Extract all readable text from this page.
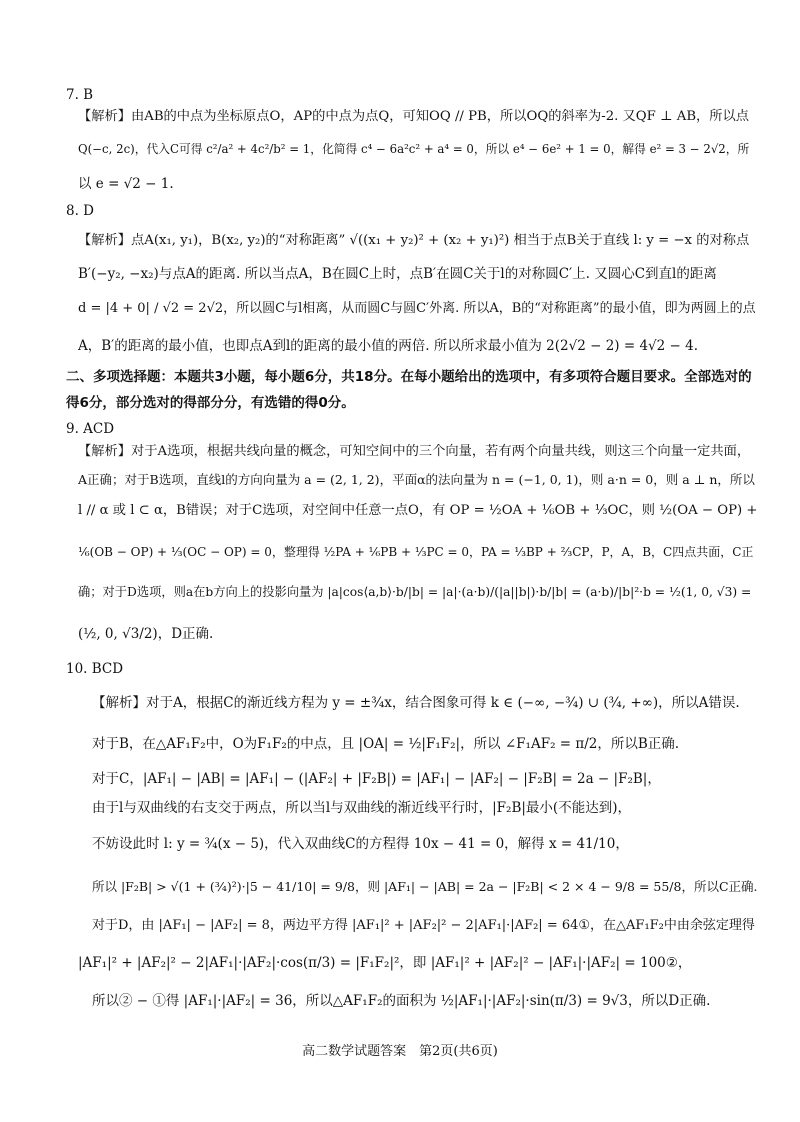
7. B
【解析】由AB的中点为坐标原点O，AP的中点为点Q，可知OQ // PB，所以OQ的斜率为-2. 又QF ⊥ AB，所以点
Q(−c, 2c)，代入C可得 c²/a² + 4c²/b² = 1，化简得 c⁴ − 6a²c² + a⁴ = 0，所以 e⁴ − 6e² + 1 = 0，解得 e² = 3 − 2√2，所
以 e = √2 − 1.
8. D
【解析】点A(x₁, y₁)，B(x₂, y₂)的“对称距离” √((x₁ + y₂)² + (x₂ + y₁)²) 相当于点B关于直线 l: y = −x 的对称点
B′(−y₂, −x₂)与点A的距离. 所以当点A，B在圆C上时，点B′在圆C关于l的对称圆C′上. 又圆心C到直l的距离
d = |4 + 0| / √2 = 2√2，所以圆C与l相离，从而圆C与圆C′外离. 所以A，B的“对称距离”的最小值，即为两圆上的点
A，B′的距离的最小值，也即点A到l的距离的最小值的两倍. 所以所求最小值为 2(2√2 − 2) = 4√2 − 4.
二、多项选择题：本题共3小题，每小题6分，共18分。在每小题给出的选项中，有多项符合题目要求。全部选对的
得6分，部分选对的得部分分，有选错的得0分。
9. ACD
【解析】对于A选项，根据共线向量的概念，可知空间中的三个向量，若有两个向量共线，则这三个向量一定共面，
A正确；对于B选项，直线l的方向向量为 a = (2, 1, 2)，平面α的法向量为 n = (−1, 0, 1)，则 a·n = 0，则 a ⊥ n，所以
l // α 或 l ⊂ α，B错误；对于C选项，对空间中任意一点O，有 OP = ½OA + ⅙OB + ⅓OC，则 ½(OA − OP) +
⅙(OB − OP) + ⅓(OC − OP) = 0，整理得 ½PA + ⅙PB + ⅓PC = 0，PA = ⅓BP + ⅔CP，P，A，B，C四点共面，C正
确；对于D选项，则a在b方向上的投影向量为 |a|cos⟨a,b⟩·b/|b| = |a|·(a·b)/(|a||b|)·b/|b| = (a·b)/|b|²·b = ½(1, 0, √3) =
(½, 0, √3/2)，D正确.
10. BCD
【解析】对于A，根据C的渐近线方程为 y = ±¾x，结合图象可得 k ∈ (−∞, −¾) ∪ (¾, +∞)，所以A错误.
对于B，在△AF₁F₂中，O为F₁F₂的中点，且 |OA| = ½|F₁F₂|，所以 ∠F₁AF₂ = π/2，所以B正确.
对于C，|AF₁| − |AB| = |AF₁| − (|AF₂| + |F₂B|) = |AF₁| − |AF₂| − |F₂B| = 2a − |F₂B|，
由于l与双曲线的右支交于两点，所以当l与双曲线的渐近线平行时，|F₂B|最小(不能达到)，
不妨设此时 l: y = ¾(x − 5)，代入双曲线C的方程得 10x − 41 = 0，解得 x = 41/10，
所以 |F₂B| > √(1 + (¾)²)·|5 − 41/10| = 9/8，则 |AF₁| − |AB| = 2a − |F₂B| < 2 × 4 − 9/8 = 55/8，所以C正确.
对于D，由 |AF₁| − |AF₂| = 8，两边平方得 |AF₁|² + |AF₂|² − 2|AF₁|·|AF₂| = 64①，在△AF₁F₂中由余弦定理得
|AF₁|² + |AF₂|² − 2|AF₁|·|AF₂|·cos(π/3) = |F₁F₂|²，即 |AF₁|² + |AF₂|² − |AF₁|·|AF₂| = 100②，
所以② − ①得 |AF₁|·|AF₂| = 36，所以△AF₁F₂的面积为 ½|AF₁|·|AF₂|·sin(π/3) = 9√3，所以D正确.
高二数学试题答案　第2页(共6页)
